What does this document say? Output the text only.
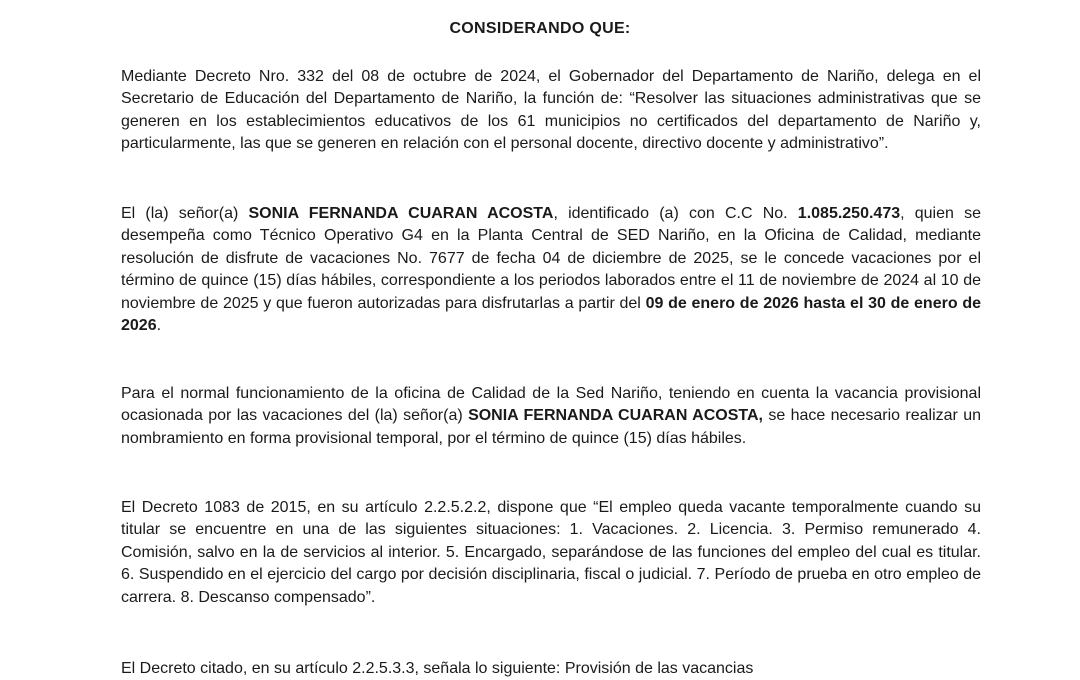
CONSIDERANDO QUE:

Mediante Decreto Nro. 332 del 08 de octubre de 2024, el Gobernador del Departamento de Nariño, delega en el Secretario de Educación del Departamento de Nariño, la función de: “Resolver las situaciones administrativas que se generen en los establecimientos educativos de los 61 municipios no certificados del departamento de Nariño y, particularmente, las que se generen en relación con el personal docente, directivo docente y administrativo”.

El (la) señor(a) SONIA FERNANDA CUARAN ACOSTA, identificado (a) con C.C No. 1.085.250.473, quien se desempeña como Técnico Operativo G4 en la Planta Central de SED Nariño, en la Oficina de Calidad, mediante resolución de disfrute de vacaciones No. 7677 de fecha 04 de diciembre de 2025, se le concede vacaciones por el término de quince (15) días hábiles, correspondiente a los periodos laborados entre el 11 de noviembre de 2024 al 10 de noviembre de 2025 y que fueron autorizadas para disfrutarlas a partir del 09 de enero de 2026 hasta el 30 de enero de 2026.

Para el normal funcionamiento de la oficina de Calidad de la Sed Nariño, teniendo en cuenta la vacancia provisional ocasionada por las vacaciones del (la) señor(a) SONIA FERNANDA CUARAN ACOSTA, se hace necesario realizar un nombramiento en forma provisional temporal, por el término de quince (15) días hábiles.

El Decreto 1083 de 2015, en su artículo 2.2.5.2.2, dispone que “El empleo queda vacante temporalmente cuando su titular se encuentre en una de las siguientes situaciones: 1. Vacaciones. 2. Licencia. 3. Permiso remunerado 4. Comisión, salvo en la de servicios al interior. 5. Encargado, separándose de las funciones del empleo del cual es titular. 6. Suspendido en el ejercicio del cargo por decisión disciplinaria, fiscal o judicial. 7. Período de prueba en otro empleo de carrera. 8. Descanso compensado”.

El Decreto citado, en su artículo 2.2.5.3.3, señala lo siguiente: Provisión de las vacancias
